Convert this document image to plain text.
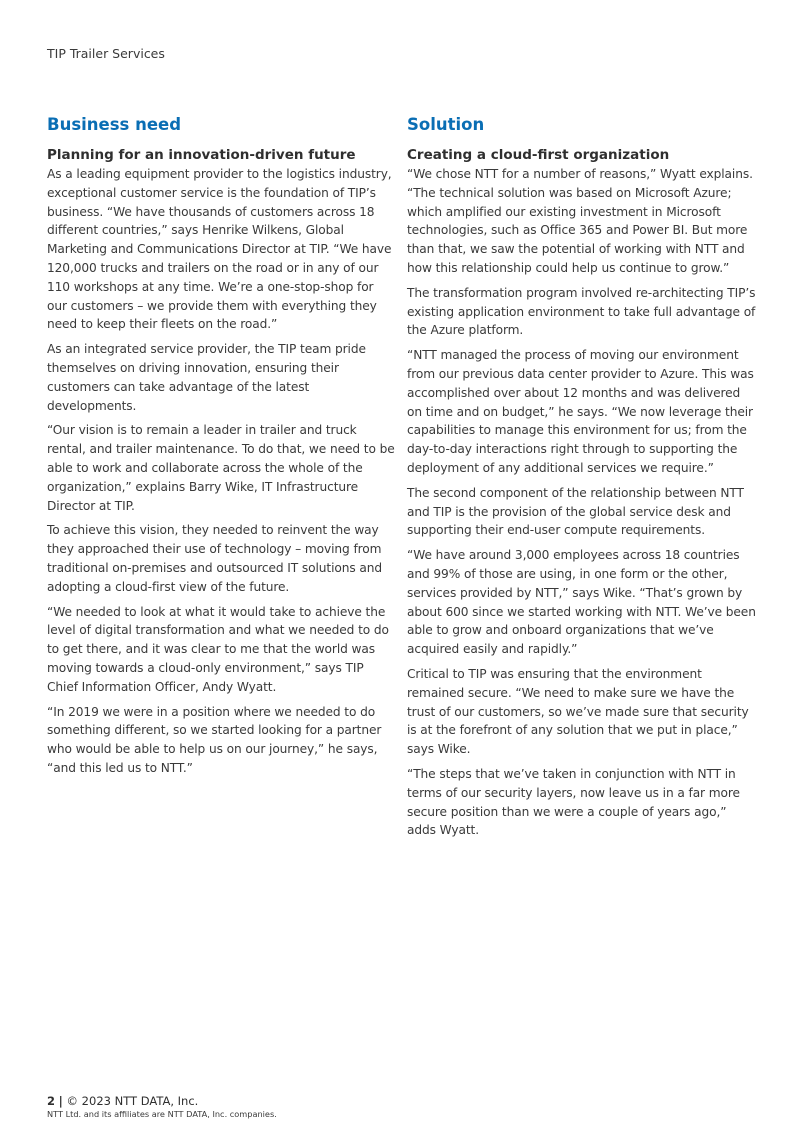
TIP Trailer Services
Business need
Planning for an innovation-driven future

As a leading equipment provider to the logistics industry, exceptional customer service is the foundation of TIP’s business. “We have thousands of customers across 18 different countries,” says Henrike Wilkens, Global Marketing and Communications Director at TIP. “We have 120,000 trucks and trailers on the road or in any of our 110 workshops at any time. We’re a one-stop-shop for our customers – we provide them with everything they need to keep their fleets on the road.”

As an integrated service provider, the TIP team pride themselves on driving innovation, ensuring their customers can take advantage of the latest developments.

“Our vision is to remain a leader in trailer and truck rental, and trailer maintenance. To do that, we need to be able to work and collaborate across the whole of the organization,” explains Barry Wike, IT Infrastructure Director at TIP.

To achieve this vision, they needed to reinvent the way they approached their use of technology – moving from traditional on-premises and outsourced IT solutions and adopting a cloud-first view of the future.

“We needed to look at what it would take to achieve the level of digital transformation and what we needed to do to get there, and it was clear to me that the world was moving towards a cloud-only environment,” says TIP Chief Information Officer, Andy Wyatt.

“In 2019 we were in a position where we needed to do something different, so we started looking for a partner who would be able to help us on our journey,” he says, “and this led us to NTT.”

Solution
Creating a cloud-first organization

“We chose NTT for a number of reasons,” Wyatt explains. “The technical solution was based on Microsoft Azure; which amplified our existing investment in Microsoft technologies, such as Office 365 and Power BI. But more than that, we saw the potential of working with NTT and how this relationship could help us continue to grow.”

The transformation program involved re-architecting TIP’s existing application environment to take full advantage of the Azure platform.

“NTT managed the process of moving our environment from our previous data center provider to Azure. This was accomplished over about 12 months and was delivered on time and on budget,” he says. “We now leverage their capabilities to manage this environment for us; from the day-to-day interactions right through to supporting the deployment of any additional services we require.”

The second component of the relationship between NTT and TIP is the provision of the global service desk and supporting their end-user compute requirements.

“We have around 3,000 employees across 18 countries and 99% of those are using, in one form or the other, services provided by NTT,” says Wike. “That’s grown by about 600 since we started working with NTT. We’ve been able to grow and onboard organizations that we’ve acquired easily and rapidly.”

Critical to TIP was ensuring that the environment remained secure. “We need to make sure we have the trust of our customers, so we’ve made sure that security is at the forefront of any solution that we put in place,” says Wike.

“The steps that we’ve taken in conjunction with NTT in terms of our security layers, now leave us in a far more secure position than we were a couple of years ago,” adds Wyatt.

2 | © 2023 NTT DATA, Inc.
NTT Ltd. and its affiliates are NTT DATA, Inc. companies.
